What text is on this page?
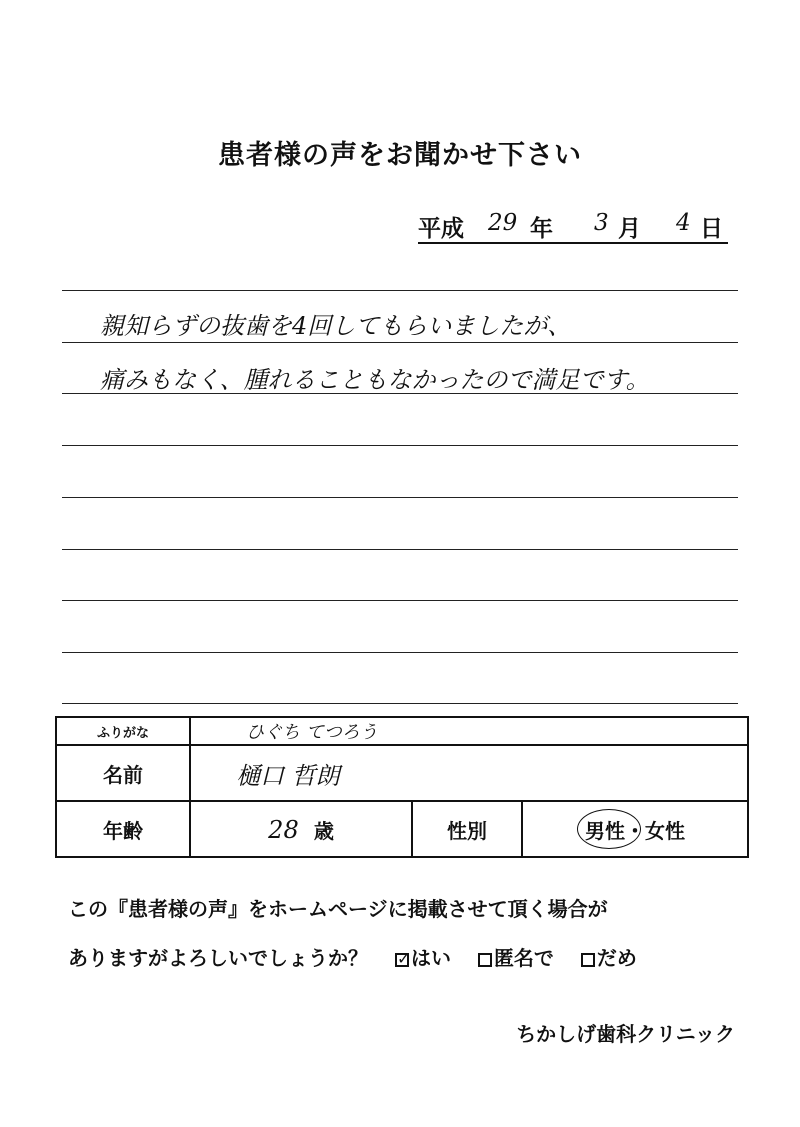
患者様の声をお聞かせ下さい
平成 29 年 3 月 4 日
親知らずの抜歯を4回してもらいましたが、
痛みもなく、腫れることもなかったので満足です。
ふりがな	ひぐち てつろう		
名前	樋口 哲朗		
年齢	28 歳	性別	男性・女性
この『患者様の声』をホームページに掲載させて頂く場合が
ありますがよろしいでしょうか？ ✓ はい 匿名で だめ
ちかしげ歯科クリニック
